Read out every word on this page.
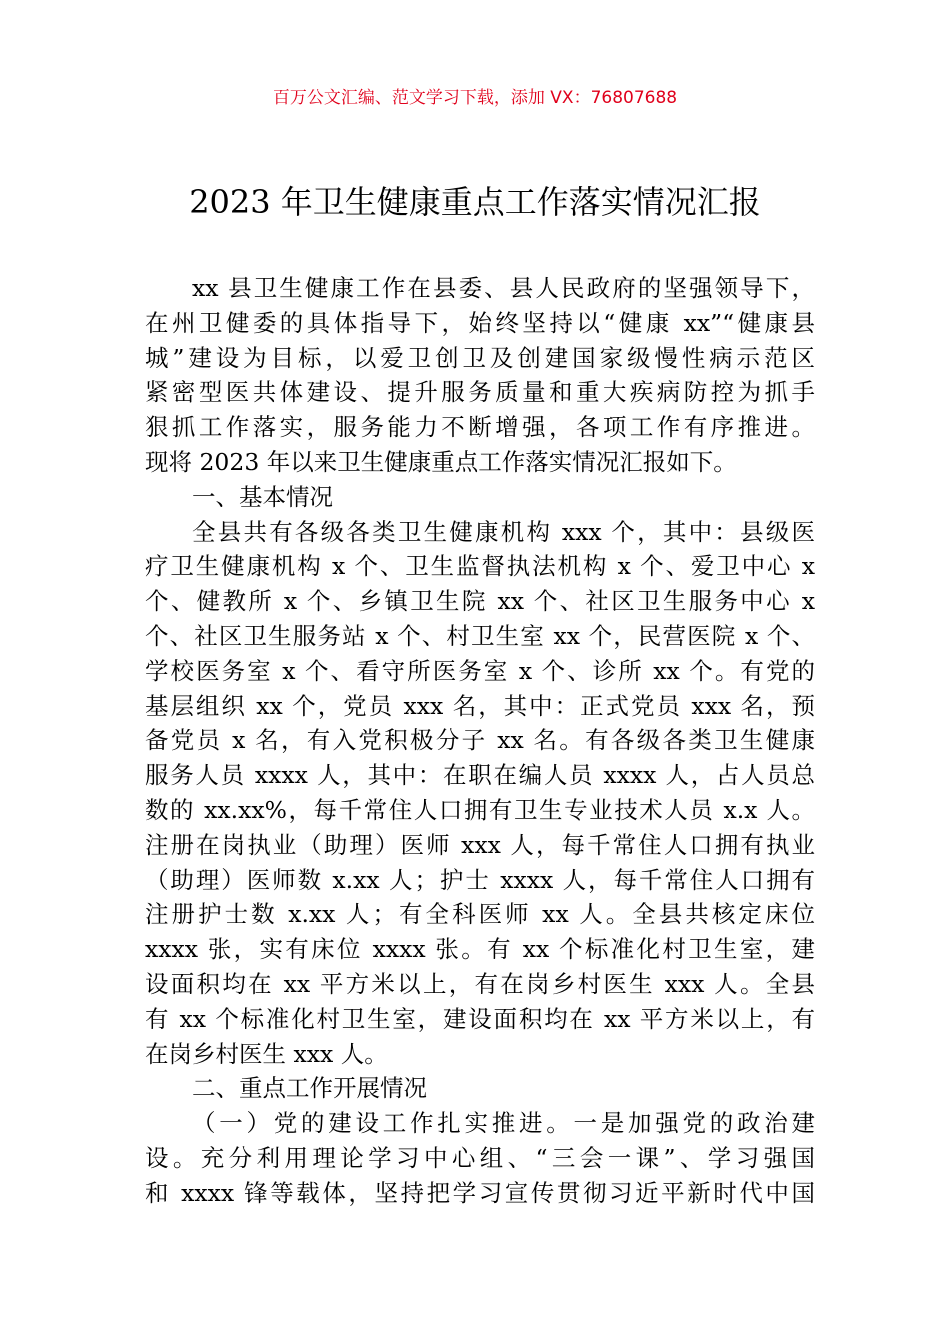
百万公文汇编、范文学习下载，添加 VX：76807688
2023 年卫生健康重点工作落实情况汇报
xx 县卫生健康工作在县委、县人民政府的坚强领导下，
在州卫健委的具体指导下，始终坚持以“健康 xx”“健康县
城”建设为目标，以爱卫创卫及创建国家级慢性病示范区
紧密型医共体建设、提升服务质量和重大疾病防控为抓手
狠抓工作落实，服务能力不断增强，各项工作有序推进。
现将 2023 年以来卫生健康重点工作落实情况汇报如下。
一、基本情况
全县共有各级各类卫生健康机构 xxx 个，其中：县级医
疗卫生健康机构 x 个、卫生监督执法机构 x 个、爱卫中心 x
个、健教所 x 个、乡镇卫生院 xx 个、社区卫生服务中心 x
个、社区卫生服务站 x 个、村卫生室 xx 个，民营医院 x 个、
学校医务室 x 个、看守所医务室 x 个、诊所 xx 个。有党的
基层组织 xx 个，党员 xxx 名，其中：正式党员 xxx 名，预
备党员 x 名，有入党积极分子 xx 名。有各级各类卫生健康
服务人员 xxxx 人，其中：在职在编人员 xxxx 人，占人员总
数的 xx.xx%，每千常住人口拥有卫生专业技术人员 x.x 人。
注册在岗执业（助理）医师 xxx 人，每千常住人口拥有执业
（助理）医师数 x.xx 人；护士 xxxx 人，每千常住人口拥有
注册护士数 x.xx 人；有全科医师 xx 人。全县共核定床位
xxxx 张，实有床位 xxxx 张。有 xx 个标准化村卫生室，建
设面积均在 xx 平方米以上，有在岗乡村医生 xxx 人。全县
有 xx 个标准化村卫生室，建设面积均在 xx 平方米以上，有
在岗乡村医生 xxx 人。
二、重点工作开展情况
（一）党的建设工作扎实推进。一是加强党的政治建
设。充分利用理论学习中心组、“三会一课”、学习强国
和 xxxx 锋等载体，坚持把学习宣传贯彻习近平新时代中国
